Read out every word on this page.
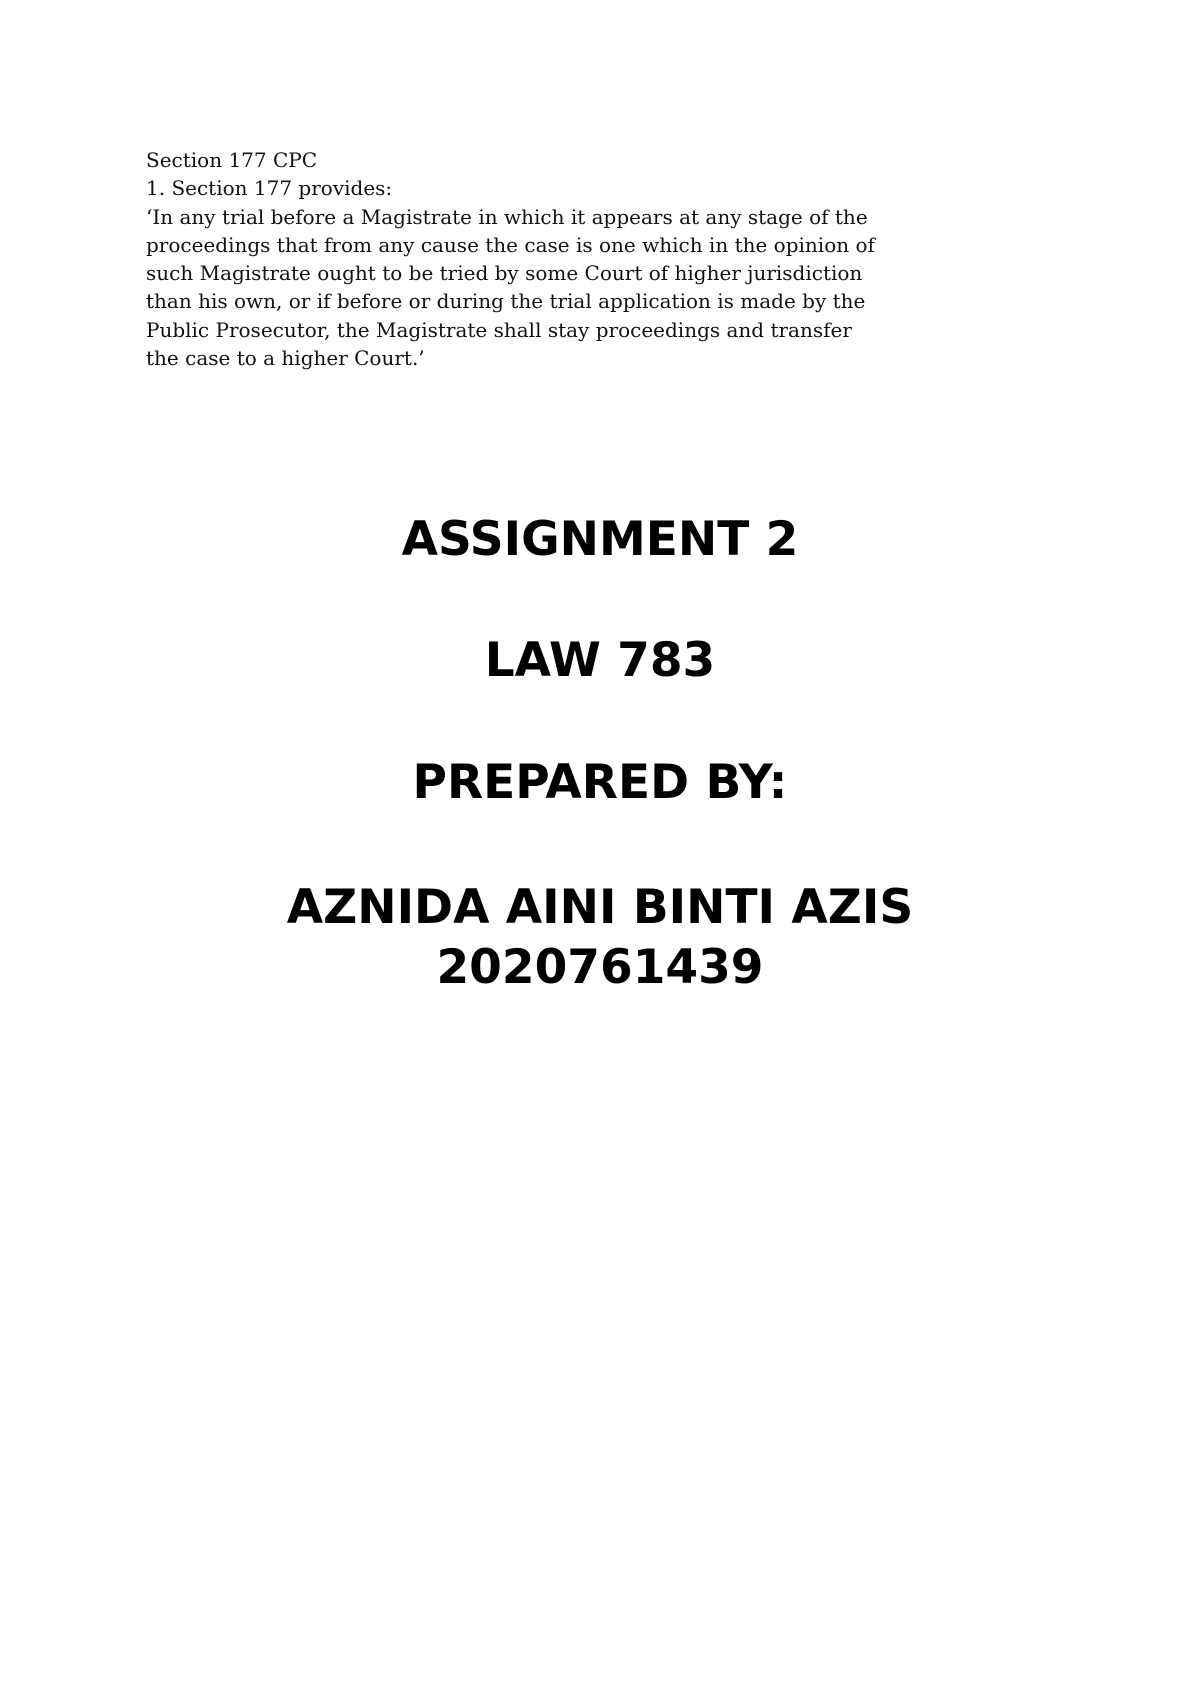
Section 177 CPC
1. Section 177 provides:
‘In any trial before a Magistrate in which it appears at any stage of the
proceedings that from any cause the case is one which in the opinion of
such Magistrate ought to be tried by some Court of higher jurisdiction
than his own, or if before or during the trial application is made by the
Public Prosecutor, the Magistrate shall stay proceedings and transfer
the case to a higher Court.’
ASSIGNMENT 2
LAW 783
PREPARED BY:
AZNIDA AINI BINTI AZIS
2020761439
